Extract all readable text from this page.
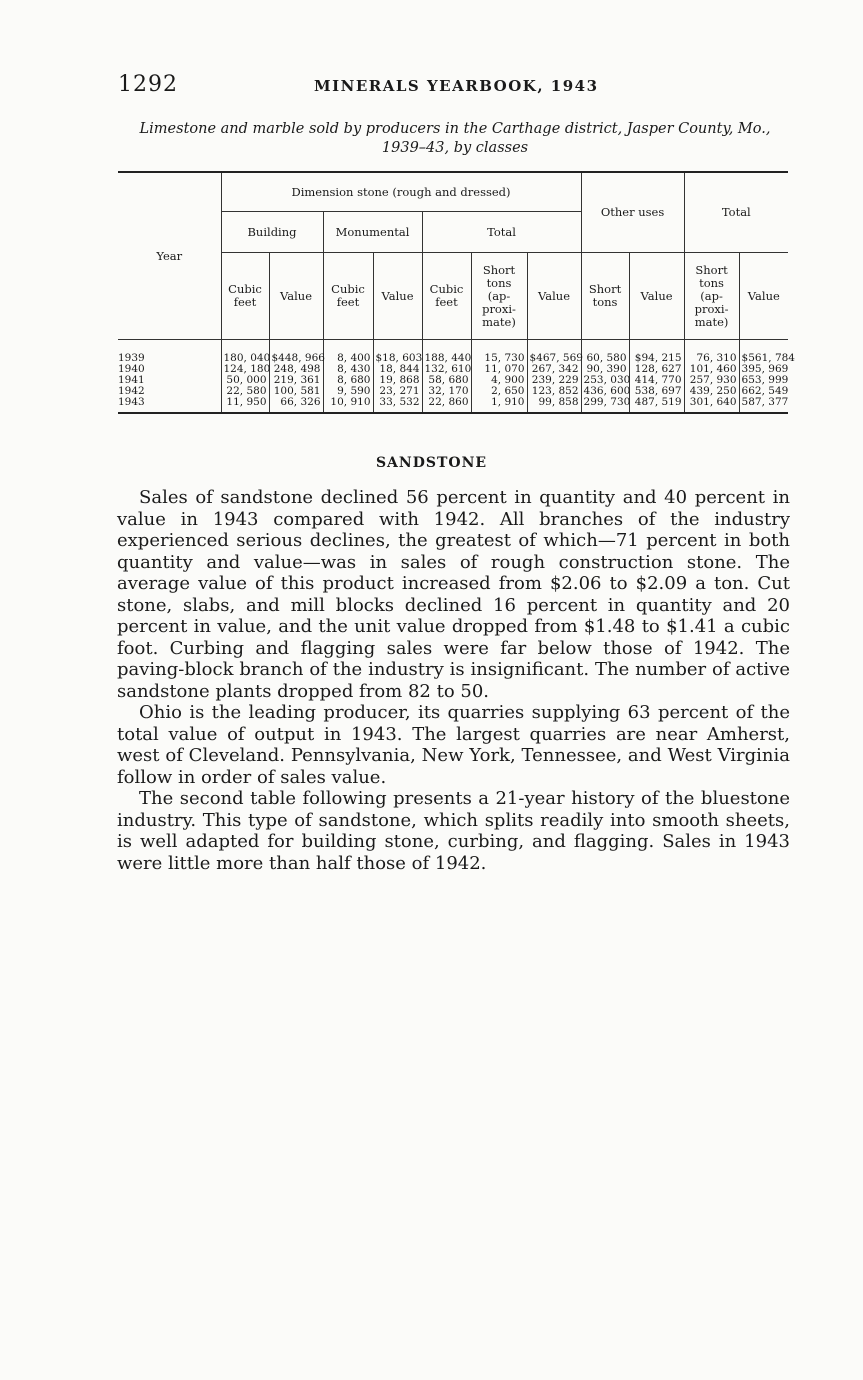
1292	MINERALS YEARBOOK, 1943
Limestone and marble sold by producers in the Carthage district, Jasper County, Mo.,
1939–43, by classes
Year	Dimension stone (rough and dressed)							Other uses		Total	
	Building		Monumental		Total						
	Cubic feet	Value	Cubic feet	Value	Cubic feet	Short tons (ap-proxi-mate)	Value	Short tons	Value	Short tons (ap-proxi-mate)	Value
1939	180, 040	$448, 966	8, 400	$18, 603	188, 440	15, 730	$467, 569	60, 580	$94, 215	76, 310	$561, 784
1940	124, 180	248, 498	8, 430	18, 844	132, 610	11, 070	267, 342	90, 390	128, 627	101, 460	395, 969
1941	50, 000	219, 361	8, 680	19, 868	58, 680	4, 900	239, 229	253, 030	414, 770	257, 930	653, 999
1942	22, 580	100, 581	9, 590	23, 271	32, 170	2, 650	123, 852	436, 600	538, 697	439, 250	662, 549
1943	11, 950	66, 326	10, 910	33, 532	22, 860	1, 910	99, 858	299, 730	487, 519	301, 640	587, 377
SANDSTONE

Sales of sandstone declined 56 percent in quantity and 40 percent in value in 1943 compared with 1942. All branches of the industry experienced serious declines, the greatest of which—71 percent in both quantity and value—was in sales of rough construction stone. The average value of this product increased from $2.06 to $2.09 a ton. Cut stone, slabs, and mill blocks declined 16 percent in quantity and 20 percent in value, and the unit value dropped from $1.48 to $1.41 a cubic foot. Curbing and flagging sales were far below those of 1942. The paving-block branch of the industry is insignificant. The number of active sandstone plants dropped from 82 to 50.

Ohio is the leading producer, its quarries supplying 63 percent of the total value of output in 1943. The largest quarries are near Amherst, west of Cleveland. Pennsylvania, New York, Tennessee, and West Virginia follow in order of sales value.

The second table following presents a 21-year history of the bluestone industry. This type of sandstone, which splits readily into smooth sheets, is well adapted for building stone, curbing, and flagging. Sales in 1943 were little more than half those of 1942.
